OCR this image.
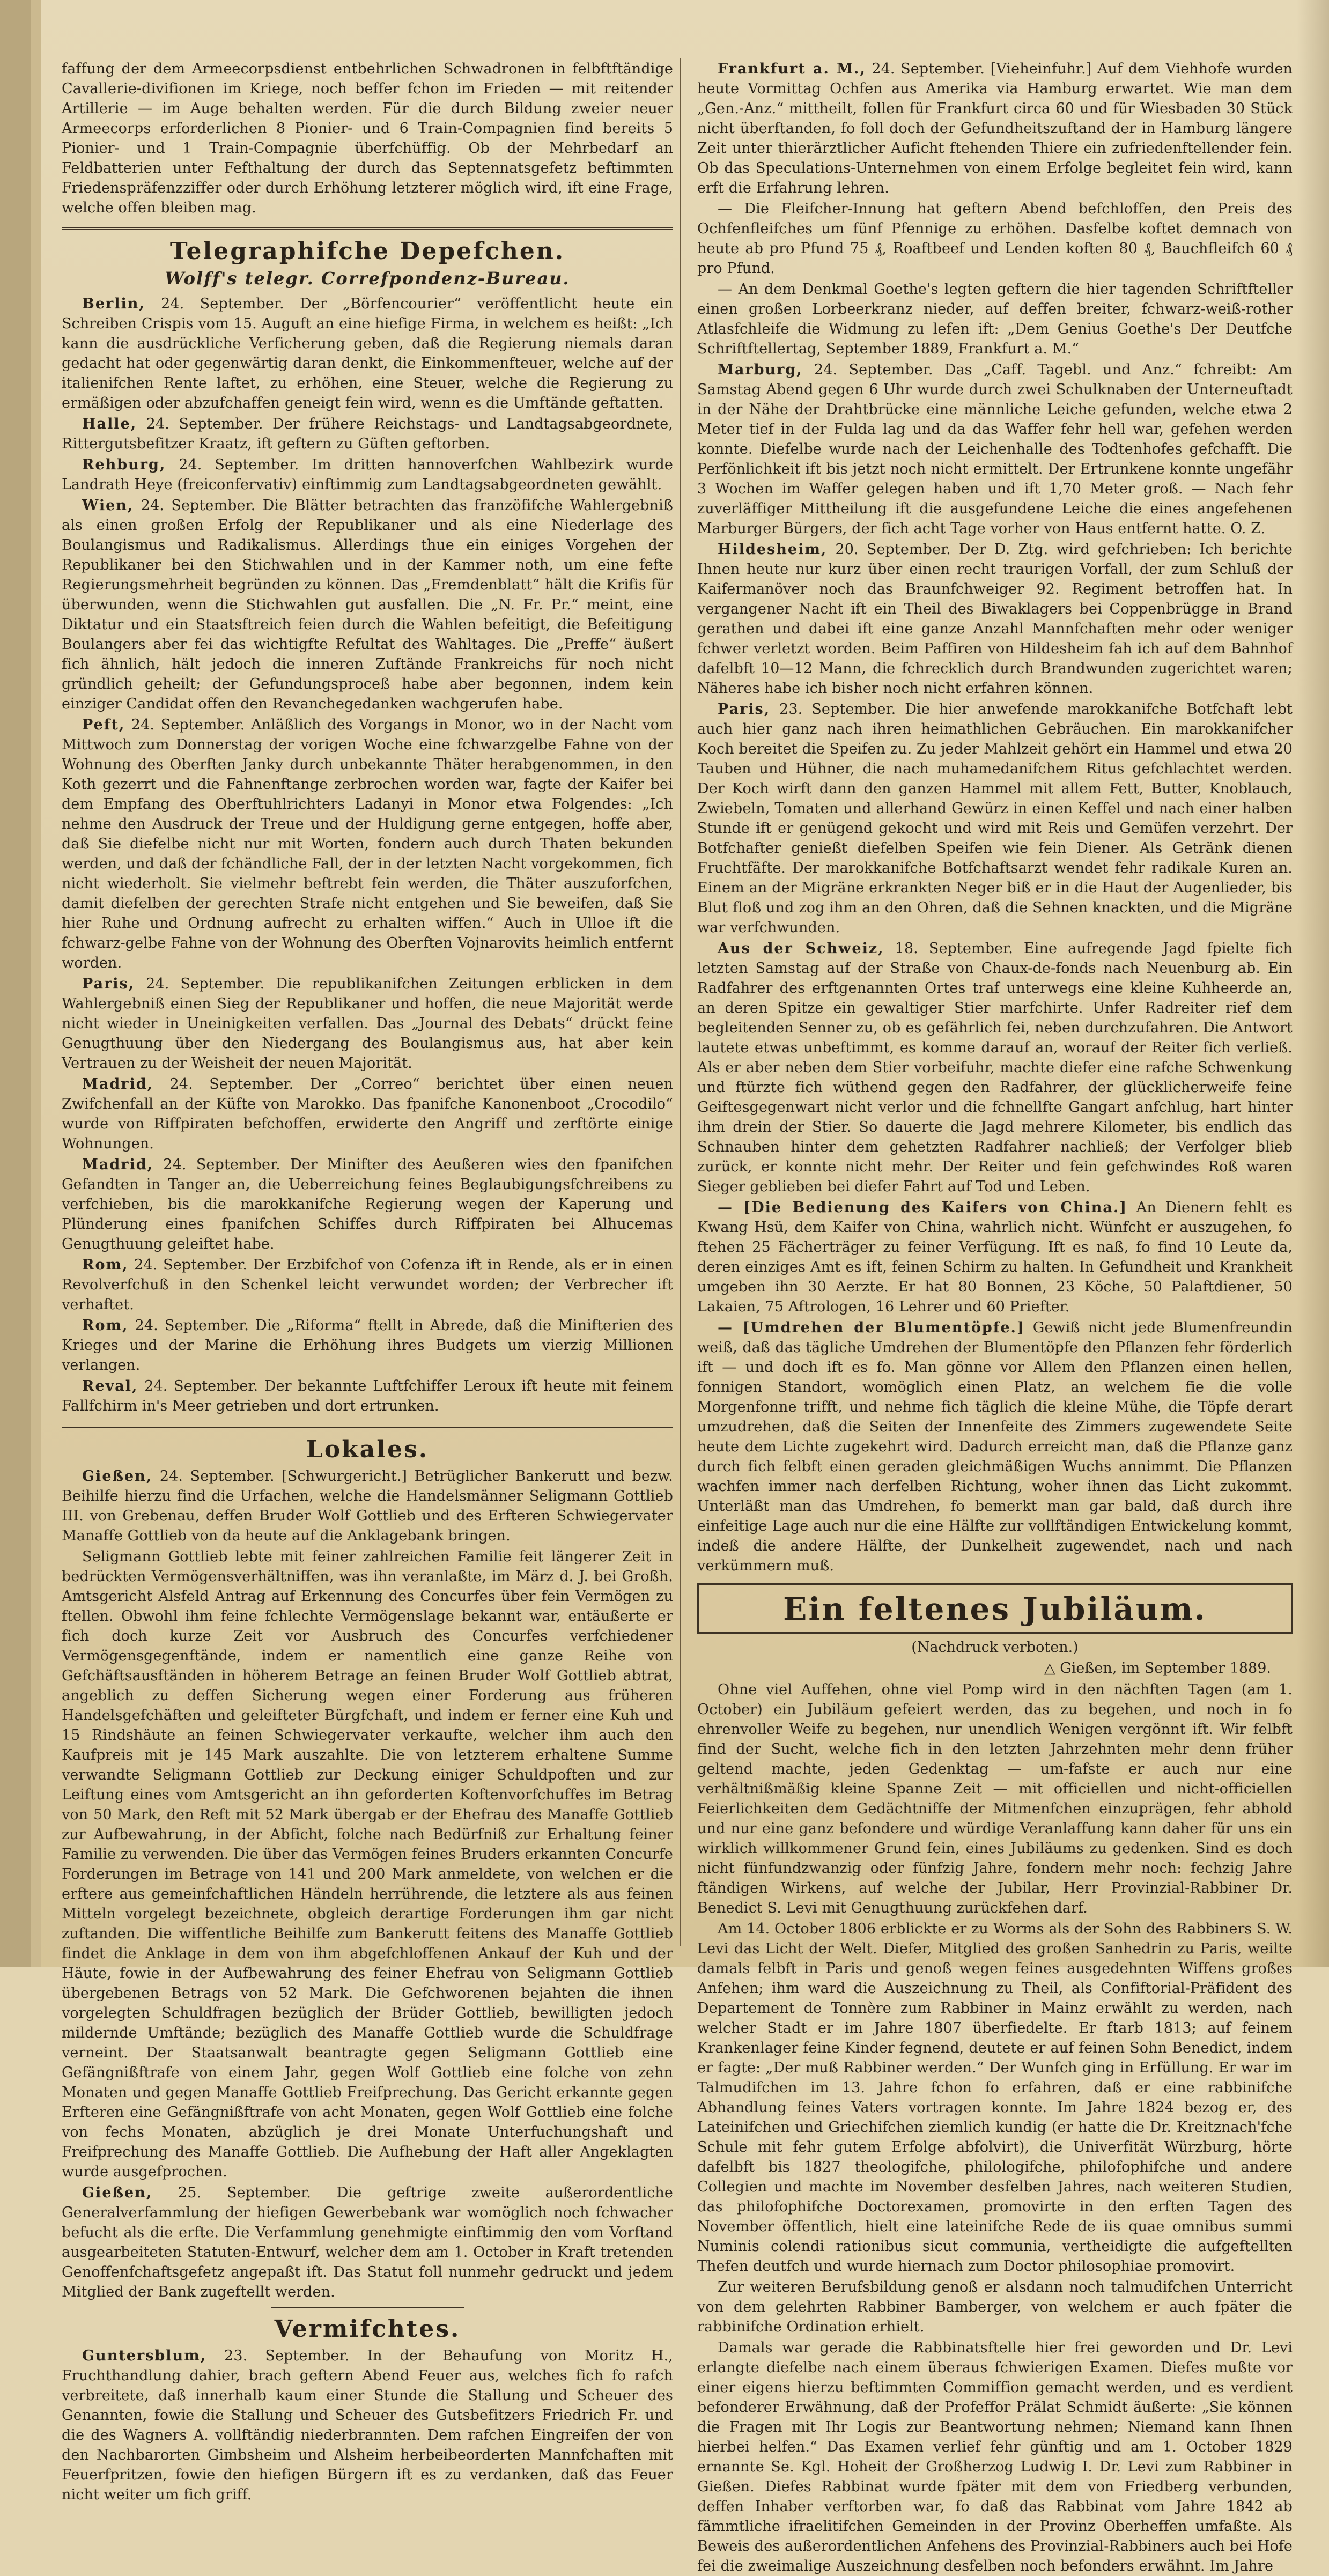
faffung der dem Armeecorpsdienst entbehrlichen Schwadronen in felbftftändige Cavallerie-divifionen im Kriege, noch beffer fchon im Frieden — mit reitender Artillerie — im Auge behalten werden. Für die durch Bildung zweier neuer Armeecorps erforderlichen 8 Pionier- und 6 Train-Compagnien find bereits 5 Pionier- und 1 Train-Compagnie überfchüffig. Ob der Mehrbedarf an Feldbatterien unter Fefthaltung der durch das Septennatsgefetz beftimmten Friedenspräfenzziffer oder durch Erhöhung letzterer möglich wird, ift eine Frage, welche offen bleiben mag.

Telegraphifche Depefchen.
Wolff's telegr. Correfpondenz-Bureau.

Berlin, 24. September. Der „Börfencourier“ veröffentlicht heute ein Schreiben Crispis vom 15. Auguft an eine hiefige Firma, in welchem es heißt: „Ich kann die ausdrückliche Verficherung geben, daß die Regierung niemals daran gedacht hat oder gegenwärtig daran denkt, die Einkommenfteuer, welche auf der italienifchen Rente laftet, zu erhöhen, eine Steuer, welche die Regierung zu ermäßigen oder abzufchaffen geneigt fein wird, wenn es die Umftände geftatten.

Halle, 24. September. Der frühere Reichstags- und Landtagsabgeordnete, Rittergutsbefitzer Kraatz, ift geftern zu Güften geftorben.

Rehburg, 24. September. Im dritten hannoverfchen Wahlbezirk wurde Landrath Heye (freiconfervativ) einftimmig zum Landtagsabgeordneten gewählt.

Wien, 24. September. Die Blätter betrachten das franzöfifche Wahlergebniß als einen großen Erfolg der Republikaner und als eine Niederlage des Boulangismus und Radikalismus. Allerdings thue ein einiges Vorgehen der Republikaner bei den Stichwahlen und in der Kammer noth, um eine fefte Regierungsmehrheit begründen zu können. Das „Fremdenblatt“ hält die Krifis für überwunden, wenn die Stichwahlen gut ausfallen. Die „N. Fr. Pr.“ meint, eine Diktatur und ein Staatsftreich feien durch die Wahlen befeitigt, die Befeitigung Boulangers aber fei das wichtigfte Refultat des Wahltages. Die „Preffe“ äußert fich ähnlich, hält jedoch die inneren Zuftände Frankreichs für noch nicht gründlich geheilt; der Gefundungsproceß habe aber begonnen, indem kein einziger Candidat offen den Revanchegedanken wachgerufen habe.

Peft, 24. September. Anläßlich des Vorgangs in Monor, wo in der Nacht vom Mittwoch zum Donnerstag der vorigen Woche eine fchwarzgelbe Fahne von der Wohnung des Oberften Janky durch unbekannte Thäter herabgenommen, in den Koth gezerrt und die Fahnenftange zerbrochen worden war, fagte der Kaifer bei dem Empfang des Oberftuhlrichters Ladanyi in Monor etwa Folgendes: „Ich nehme den Ausdruck der Treue und der Huldigung gerne entgegen, hoffe aber, daß Sie diefelbe nicht nur mit Worten, fondern auch durch Thaten bekunden werden, und daß der fchändliche Fall, der in der letzten Nacht vorgekommen, fich nicht wiederholt. Sie vielmehr beftrebt fein werden, die Thäter auszuforfchen, damit diefelben der gerechten Strafe nicht entgehen und Sie beweifen, daß Sie hier Ruhe und Ordnung aufrecht zu erhalten wiffen.“ Auch in Ulloe ift die fchwarz-gelbe Fahne von der Wohnung des Oberften Vojnarovits heimlich entfernt worden.

Paris, 24. September. Die republikanifchen Zeitungen erblicken in dem Wahlergebniß einen Sieg der Republikaner und hoffen, die neue Majorität werde nicht wieder in Uneinigkeiten verfallen. Das „Journal des Debats“ drückt feine Genugthuung über den Niedergang des Boulangismus aus, hat aber kein Vertrauen zu der Weisheit der neuen Majorität.

Madrid, 24. September. Der „Correo“ berichtet über einen neuen Zwifchenfall an der Küfte von Marokko. Das fpanifche Kanonenboot „Crocodilo“ wurde von Riffpiraten befchoffen, erwiderte den Angriff und zerftörte einige Wohnungen.

Madrid, 24. September. Der Minifter des Aeußeren wies den fpanifchen Gefandten in Tanger an, die Ueberreichung feines Beglaubigungsfchreibens zu verfchieben, bis die marokkanifche Regierung wegen der Kaperung und Plünderung eines fpanifchen Schiffes durch Riffpiraten bei Alhucemas Genugthuung geleiftet habe.

Rom, 24. September. Der Erzbifchof von Cofenza ift in Rende, als er in einen Revolverfchuß in den Schenkel leicht verwundet worden; der Verbrecher ift verhaftet.

Rom, 24. September. Die „Riforma“ ftellt in Abrede, daß die Minifterien des Krieges und der Marine die Erhöhung ihres Budgets um vierzig Millionen verlangen.

Reval, 24. September. Der bekannte Luftfchiffer Leroux ift heute mit feinem Fallfchirm in's Meer getrieben und dort ertrunken.

Lokales.

Gießen, 24. September. [Schwurgericht.] Betrüglicher Bankerutt und bezw. Beihilfe hierzu find die Urfachen, welche die Handelsmänner Seligmann Gottlieb III. von Grebenau, deffen Bruder Wolf Gottlieb und des Erfteren Schwiegervater Manaffe Gottlieb von da heute auf die Anklagebank bringen.

Seligmann Gottlieb lebte mit feiner zahlreichen Familie feit längerer Zeit in bedrückten Vermögensverhältniffen, was ihn veranlaßte, im März d. J. bei Großh. Amtsgericht Alsfeld Antrag auf Erkennung des Concurfes über fein Vermögen zu ftellen. Obwohl ihm feine fchlechte Vermögenslage bekannt war, entäußerte er fich doch kurze Zeit vor Ausbruch des Concurfes verfchiedener Vermögensgegenftände, indem er namentlich eine ganze Reihe von Gefchäftsausftänden in höherem Betrage an feinen Bruder Wolf Gottlieb abtrat, angeblich zu deffen Sicherung wegen einer Forderung aus früheren Handelsgefchäften und geleifteter Bürgfchaft, und indem er ferner eine Kuh und 15 Rindshäute an feinen Schwiegervater verkaufte, welcher ihm auch den Kaufpreis mit je 145 Mark auszahlte. Die von letzterem erhaltene Summe verwandte Seligmann Gottlieb zur Deckung einiger Schuldpoften und zur Leiftung eines vom Amtsgericht an ihn geforderten Koftenvorfchuffes im Betrag von 50 Mark, den Reft mit 52 Mark übergab er der Ehefrau des Manaffe Gottlieb zur Aufbewahrung, in der Abficht, folche nach Bedürfniß zur Erhaltung feiner Familie zu verwenden. Die über das Vermögen feines Bruders erkannten Concurfe Forderungen im Betrage von 141 und 200 Mark anmeldete, von welchen er die erftere aus gemeinfchaftlichen Händeln herrührende, die letztere als aus feinen Mitteln vorgelegt bezeichnete, obgleich derartige Forderungen ihm gar nicht zuftanden. Die wiffentliche Beihilfe zum Bankerutt feitens des Manaffe Gottlieb findet die Anklage in dem von ihm abgefchloffenen Ankauf der Kuh und der Häute, fowie in der Aufbewahrung des feiner Ehefrau von Seligmann Gottlieb übergebenen Betrags von 52 Mark. Die Gefchworenen bejahten die ihnen vorgelegten Schuldfragen bezüglich der Brüder Gottlieb, bewilligten jedoch mildernde Umftände; bezüglich des Manaffe Gottlieb wurde die Schuldfrage verneint. Der Staatsanwalt beantragte gegen Seligmann Gottlieb eine Gefängnißftrafe von einem Jahr, gegen Wolf Gottlieb eine folche von zehn Monaten und gegen Manaffe Gottlieb Freifprechung. Das Gericht erkannte gegen Erfteren eine Gefängnißftrafe von acht Monaten, gegen Wolf Gottlieb eine folche von fechs Monaten, abzüglich je drei Monate Unterfuchungshaft und Freifprechung des Manaffe Gottlieb. Die Aufhebung der Haft aller Angeklagten wurde ausgefprochen.

Gießen, 25. September. Die geftrige zweite außerordentliche Generalverfammlung der hiefigen Gewerbebank war womöglich noch fchwacher befucht als die erfte. Die Verfammlung genehmigte einftimmig den vom Vorftand ausgearbeiteten Statuten-Entwurf, welcher dem am 1. October in Kraft tretenden Genoffenfchaftsgefetz angepaßt ift. Das Statut foll nunmehr gedruckt und jedem Mitglied der Bank zugeftellt werden.

Vermifchtes.

Guntersblum, 23. September. In der Behaufung von Moritz H., Fruchthandlung dahier, brach geftern Abend Feuer aus, welches fich fo rafch verbreitete, daß innerhalb kaum einer Stunde die Stallung und Scheuer des Genannten, fowie die Stallung und Scheuer des Gutsbefitzers Friedrich Fr. und die des Wagners A. vollftändig niederbrannten. Dem rafchen Eingreifen der von den Nachbarorten Gimbsheim und Alsheim herbeibeorderten Mannfchaften mit Feuerfpritzen, fowie den hiefigen Bürgern ift es zu verdanken, daß das Feuer nicht weiter um fich griff.

Frankfurt a. M., 24. September. [Vieheinfuhr.] Auf dem Viehhofe wurden heute Vormittag Ochfen aus Amerika via Hamburg erwartet. Wie man dem „Gen.-Anz.“ mittheilt, follen für Frankfurt circa 60 und für Wiesbaden 30 Stück nicht überftanden, fo foll doch der Gefundheitszuftand der in Hamburg längere Zeit unter thierärztlicher Auficht ftehenden Thiere ein zufriedenftellender fein. Ob das Speculations-Unternehmen von einem Erfolge begleitet fein wird, kann erft die Erfahrung lehren.

— Die Fleifcher-Innung hat geftern Abend befchloffen, den Preis des Ochfenfleifches um fünf Pfennige zu erhöhen. Dasfelbe koftet demnach von heute ab pro Pfund 75 ₰, Roaftbeef und Lenden koften 80 ₰, Bauchfleifch 60 ₰ pro Pfund.

— An dem Denkmal Goethe's legten geftern die hier tagenden Schriftfteller einen großen Lorbeerkranz nieder, auf deffen breiter, fchwarz-weiß-rother Atlasfchleife die Widmung zu lefen ift: „Dem Genius Goethe's Der Deutfche Schriftftellertag, September 1889, Frankfurt a. M.“

Marburg, 24. September. Das „Caff. Tagebl. und Anz.“ fchreibt: Am Samstag Abend gegen 6 Uhr wurde durch zwei Schulknaben der Unterneuftadt in der Nähe der Drahtbrücke eine männliche Leiche gefunden, welche etwa 2 Meter tief in der Fulda lag und da das Waffer fehr hell war, gefehen werden konnte. Diefelbe wurde nach der Leichenhalle des Todtenhofes gefchafft. Die Perfönlichkeit ift bis jetzt noch nicht ermittelt. Der Ertrunkene konnte ungefähr 3 Wochen im Waffer gelegen haben und ift 1,70 Meter groß. — Nach fehr zuverläffiger Mittheilung ift die ausgefundene Leiche die eines angefehenen Marburger Bürgers, der fich acht Tage vorher von Haus entfernt hatte. O. Z.

Hildesheim, 20. September. Der D. Ztg. wird gefchrieben: Ich berichte Ihnen heute nur kurz über einen recht traurigen Vorfall, der zum Schluß der Kaifermanöver noch das Braunfchweiger 92. Regiment betroffen hat. In vergangener Nacht ift ein Theil des Biwaklagers bei Coppenbrügge in Brand gerathen und dabei ift eine ganze Anzahl Mannfchaften mehr oder weniger fchwer verletzt worden. Beim Paffiren von Hildesheim fah ich auf dem Bahnhof dafelbft 10—12 Mann, die fchrecklich durch Brandwunden zugerichtet waren; Näheres habe ich bisher noch nicht erfahren können.

Paris, 23. September. Die hier anwefende marokkanifche Botfchaft lebt auch hier ganz nach ihren heimathlichen Gebräuchen. Ein marokkanifcher Koch bereitet die Speifen zu. Zu jeder Mahlzeit gehört ein Hammel und etwa 20 Tauben und Hühner, die nach muhamedanifchem Ritus gefchlachtet werden. Der Koch wirft dann den ganzen Hammel mit allem Fett, Butter, Knoblauch, Zwiebeln, Tomaten und allerhand Gewürz in einen Keffel und nach einer halben Stunde ift er genügend gekocht und wird mit Reis und Gemüfen verzehrt. Der Botfchafter genießt diefelben Speifen wie fein Diener. Als Getränk dienen Fruchtfäfte. Der marokkanifche Botfchaftsarzt wendet fehr radikale Kuren an. Einem an der Migräne erkrankten Neger biß er in die Haut der Augenlieder, bis Blut floß und zog ihm an den Ohren, daß die Sehnen knackten, und die Migräne war verfchwunden.

Aus der Schweiz, 18. September. Eine aufregende Jagd fpielte fich letzten Samstag auf der Straße von Chaux-de-fonds nach Neuenburg ab. Ein Radfahrer des erftgenannten Ortes traf unterwegs eine kleine Kuhheerde an, an deren Spitze ein gewaltiger Stier marfchirte. Unfer Radreiter rief dem begleitenden Senner zu, ob es gefährlich fei, neben durchzufahren. Die Antwort lautete etwas unbeftimmt, es komme darauf an, worauf der Reiter fich verließ. Als er aber neben dem Stier vorbeifuhr, machte diefer eine rafche Schwenkung und ftürzte fich wüthend gegen den Radfahrer, der glücklicherweife feine Geiftesgegenwart nicht verlor und die fchnellfte Gangart anfchlug, hart hinter ihm drein der Stier. So dauerte die Jagd mehrere Kilometer, bis endlich das Schnauben hinter dem gehetzten Radfahrer nachließ; der Verfolger blieb zurück, er konnte nicht mehr. Der Reiter und fein gefchwindes Roß waren Sieger geblieben bei diefer Fahrt auf Tod und Leben.

— [Die Bedienung des Kaifers von China.] An Dienern fehlt es Kwang Hsü, dem Kaifer von China, wahrlich nicht. Wünfcht er auszugehen, fo ftehen 25 Fächerträger zu feiner Verfügung. Ift es naß, fo find 10 Leute da, deren einziges Amt es ift, feinen Schirm zu halten. In Gefundheit und Krankheit umgeben ihn 30 Aerzte. Er hat 80 Bonnen, 23 Köche, 50 Palaftdiener, 50 Lakaien, 75 Aftrologen, 16 Lehrer und 60 Priefter.

— [Umdrehen der Blumentöpfe.] Gewiß nicht jede Blumenfreundin weiß, daß das tägliche Umdrehen der Blumentöpfe den Pflanzen fehr förderlich ift — und doch ift es fo. Man gönne vor Allem den Pflanzen einen hellen, fonnigen Standort, womöglich einen Platz, an welchem fie die volle Morgenfonne trifft, und nehme fich täglich die kleine Mühe, die Töpfe derart umzudrehen, daß die Seiten der Innenfeite des Zimmers zugewendete Seite heute dem Lichte zugekehrt wird. Dadurch erreicht man, daß die Pflanze ganz durch fich felbft einen geraden gleichmäßigen Wuchs annimmt. Die Pflanzen wachfen immer nach derfelben Richtung, woher ihnen das Licht zukommt. Unterläßt man das Umdrehen, fo bemerkt man gar bald, daß durch ihre einfeitige Lage auch nur die eine Hälfte zur vollftändigen Entwickelung kommt, indeß die andere Hälfte, der Dunkelheit zugewendet, nach und nach verkümmern muß.

Ein feltenes Jubiläum.
(Nachdruck verboten.)
△ Gießen, im September 1889.

Ohne viel Auffehen, ohne viel Pomp wird in den nächften Tagen (am 1. October) ein Jubiläum gefeiert werden, das zu begehen, und noch in fo ehrenvoller Weife zu begehen, nur unendlich Wenigen vergönnt ift. Wir felbft find der Sucht, welche fich in den letzten Jahrzehnten mehr denn früher geltend machte, jeden Gedenktag — um-fafste er auch nur eine verhältnißmäßig kleine Spanne Zeit — mit officiellen und nicht-officiellen Feierlichkeiten dem Gedächtniffe der Mitmenfchen einzuprägen, fehr abhold und nur eine ganz befondere und würdige Veranlaffung kann daher für uns ein wirklich willkommener Grund fein, eines Jubiläums zu gedenken. Sind es doch nicht fünfundzwanzig oder fünfzig Jahre, fondern mehr noch: fechzig Jahre ftändigen Wirkens, auf welche der Jubilar, Herr Provinzial-Rabbiner Dr. Benedict S. Levi mit Genugthuung zurückfehen darf.

Am 14. October 1806 erblickte er zu Worms als der Sohn des Rabbiners S. W. Levi das Licht der Welt. Diefer, Mitglied des großen Sanhedrin zu Paris, weilte damals felbft in Paris und genoß wegen feines ausgedehnten Wiffens großes Anfehen; ihm ward die Auszeichnung zu Theil, als Confiftorial-Präfident des Departement de Tonnère zum Rabbiner in Mainz erwählt zu werden, nach welcher Stadt er im Jahre 1807 überfiedelte. Er ftarb 1813; auf feinem Krankenlager feine Kinder fegnend, deutete er auf feinen Sohn Benedict, indem er fagte: „Der muß Rabbiner werden.“ Der Wunfch ging in Erfüllung. Er war im Talmudifchen im 13. Jahre fchon fo erfahren, daß er eine rabbinifche Abhandlung feines Vaters vortragen konnte. Im Jahre 1824 bezog er, des Lateinifchen und Griechifchen ziemlich kundig (er hatte die Dr. Kreitznach'fche Schule mit fehr gutem Erfolge abfolvirt), die Univerfität Würzburg, hörte dafelbft bis 1827 theologifche, philologifche, philofophifche und andere Collegien und machte im November desfelben Jahres, nach weiteren Studien, das philofophifche Doctorexamen, promovirte in den erften Tagen des November öffentlich, hielt eine lateinifche Rede de iis quae omnibus summi Numinis colendi rationibus sicut communia, vertheidigte die aufgeftellten Thefen deutfch und wurde hiernach zum Doctor philosophiae promovirt.

Zur weiteren Berufsbildung genoß er alsdann noch talmudifchen Unterricht von dem gelehrten Rabbiner Bamberger, von welchem er auch fpäter die rabbinifche Ordination erhielt.

Damals war gerade die Rabbinatsftelle hier frei geworden und Dr. Levi erlangte diefelbe nach einem überaus fchwierigen Examen. Diefes mußte vor einer eigens hierzu beftimmten Commiffion gemacht werden, und es verdient befonderer Erwähnung, daß der Profeffor Prälat Schmidt äußerte: „Sie können die Fragen mit Ihr Logis zur Beantwortung nehmen; Niemand kann Ihnen hierbei helfen.“ Das Examen verlief fehr günftig und am 1. October 1829 ernannte Se. Kgl. Hoheit der Großherzog Ludwig I. Dr. Levi zum Rabbiner in Gießen. Diefes Rabbinat wurde fpäter mit dem von Friedberg verbunden, deffen Inhaber verftorben war, fo daß das Rabbinat vom Jahre 1842 ab fämmtliche ifraelitifchen Gemeinden in der Provinz Oberheffen umfaßte. Als Beweis des außerordentlichen Anfehens des Provinzial-Rabbiners auch bei Hofe fei die zweimalige Auszeichnung desfelben noch befonders erwähnt. Im Jahre
